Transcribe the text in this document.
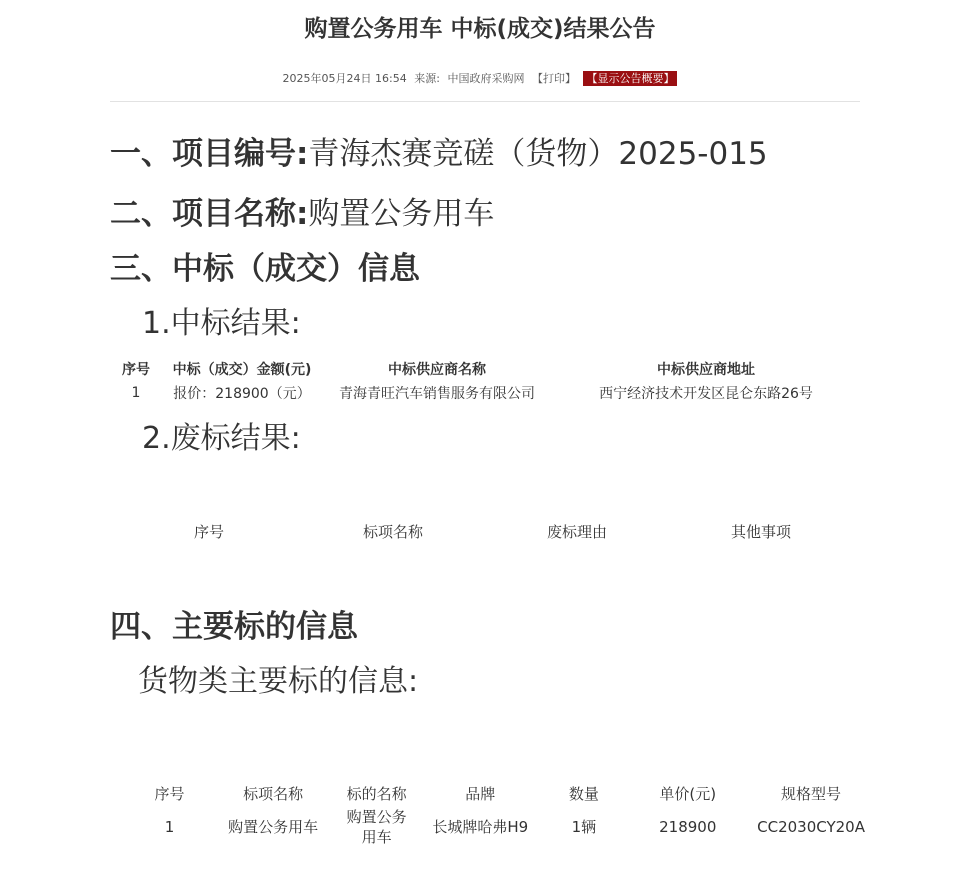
购置公务用车 中标(成交)结果公告
2025年05月24日 16:54 来源: 中国政府采购网 【打印】 【显示公告概要】
一、项目编号:青海杰赛竞磋（货物）2025-015
二、项目名称:购置公务用车
三、中标（成交）信息
1.中标结果:
序号	中标（成交）金额(元)	中标供应商名称	中标供应商地址
1	报价：218900（元）	青海青旺汽车销售服务有限公司	西宁经济技术开发区昆仑东路26号
2.废标结果:
序号	标项名称	废标理由	其他事项
四、主要标的信息
货物类主要标的信息:
序号	标项名称	标的名称	品牌	数量	单价(元)	规格型号
1	购置公务用车	购置公务用车	长城牌哈弗H9	1辆	218900	CC2030CY20A
